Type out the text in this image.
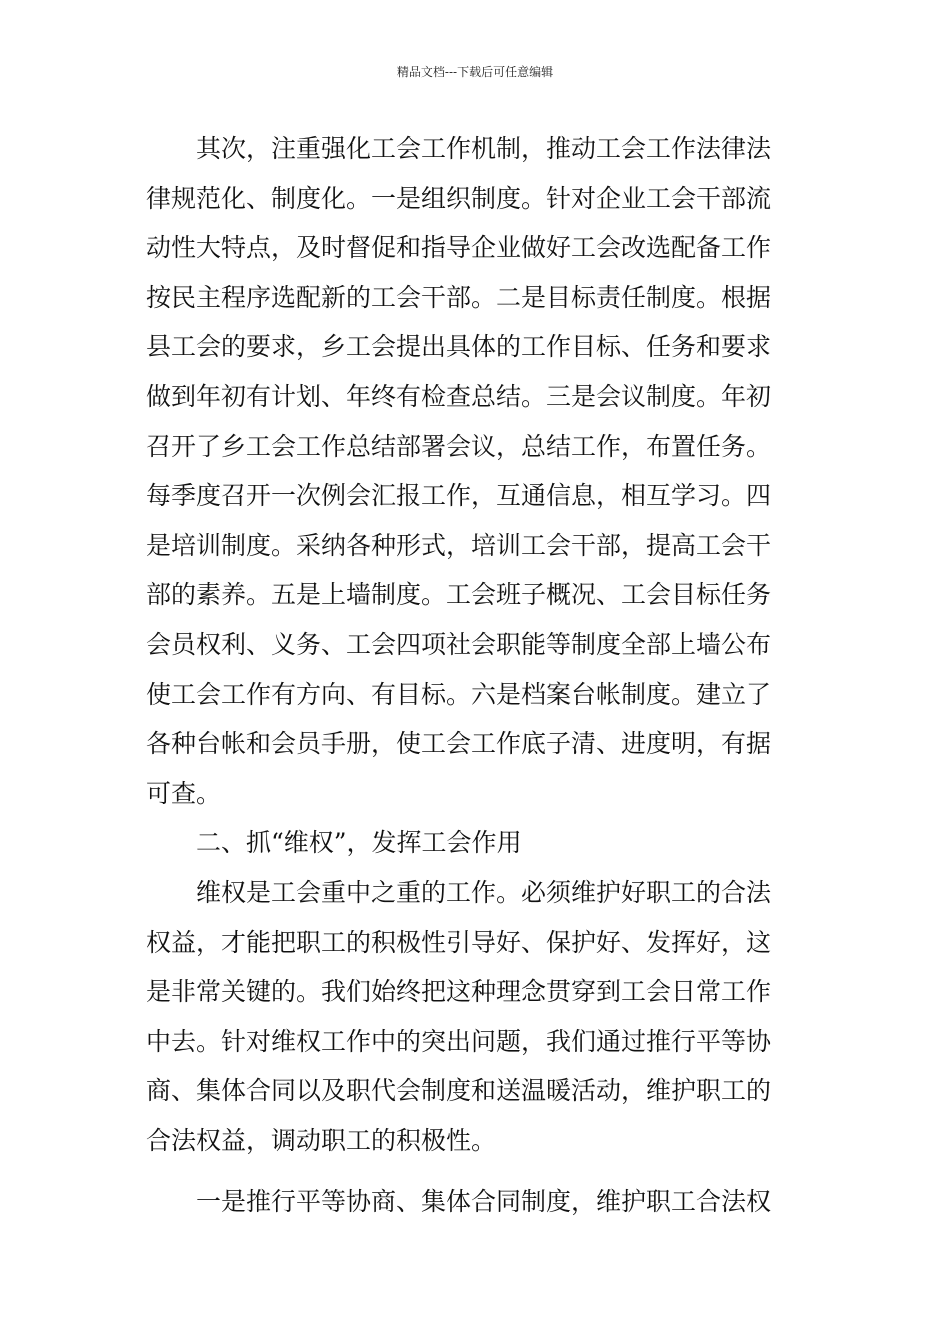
精品文档---下载后可任意编辑
其次，注重强化工会工作机制，推动工会工作法律法
律规范化、制度化。一是组织制度。针对企业工会干部流
动性大特点，及时督促和指导企业做好工会改选配备工作
按民主程序选配新的工会干部。二是目标责任制度。根据
县工会的要求，乡工会提出具体的工作目标、任务和要求
做到年初有计划、年终有检查总结。三是会议制度。年初
召开了乡工会工作总结部署会议，总结工作，布置任务。
每季度召开一次例会汇报工作，互通信息，相互学习。四
是培训制度。采纳各种形式，培训工会干部，提高工会干
部的素养。五是上墙制度。工会班子概况、工会目标任务
会员权利、义务、工会四项社会职能等制度全部上墙公布
使工会工作有方向、有目标。六是档案台帐制度。建立了
各种台帐和会员手册，使工会工作底子清、进度明，有据
可查。
二、抓“维权”，发挥工会作用
维权是工会重中之重的工作。必须维护好职工的合法
权益，才能把职工的积极性引导好、保护好、发挥好，这
是非常关键的。我们始终把这种理念贯穿到工会日常工作
中去。针对维权工作中的突出问题，我们通过推行平等协
商、集体合同以及职代会制度和送温暖活动，维护职工的
合法权益，调动职工的积极性。
一是推行平等协商、集体合同制度，维护职工合法权
